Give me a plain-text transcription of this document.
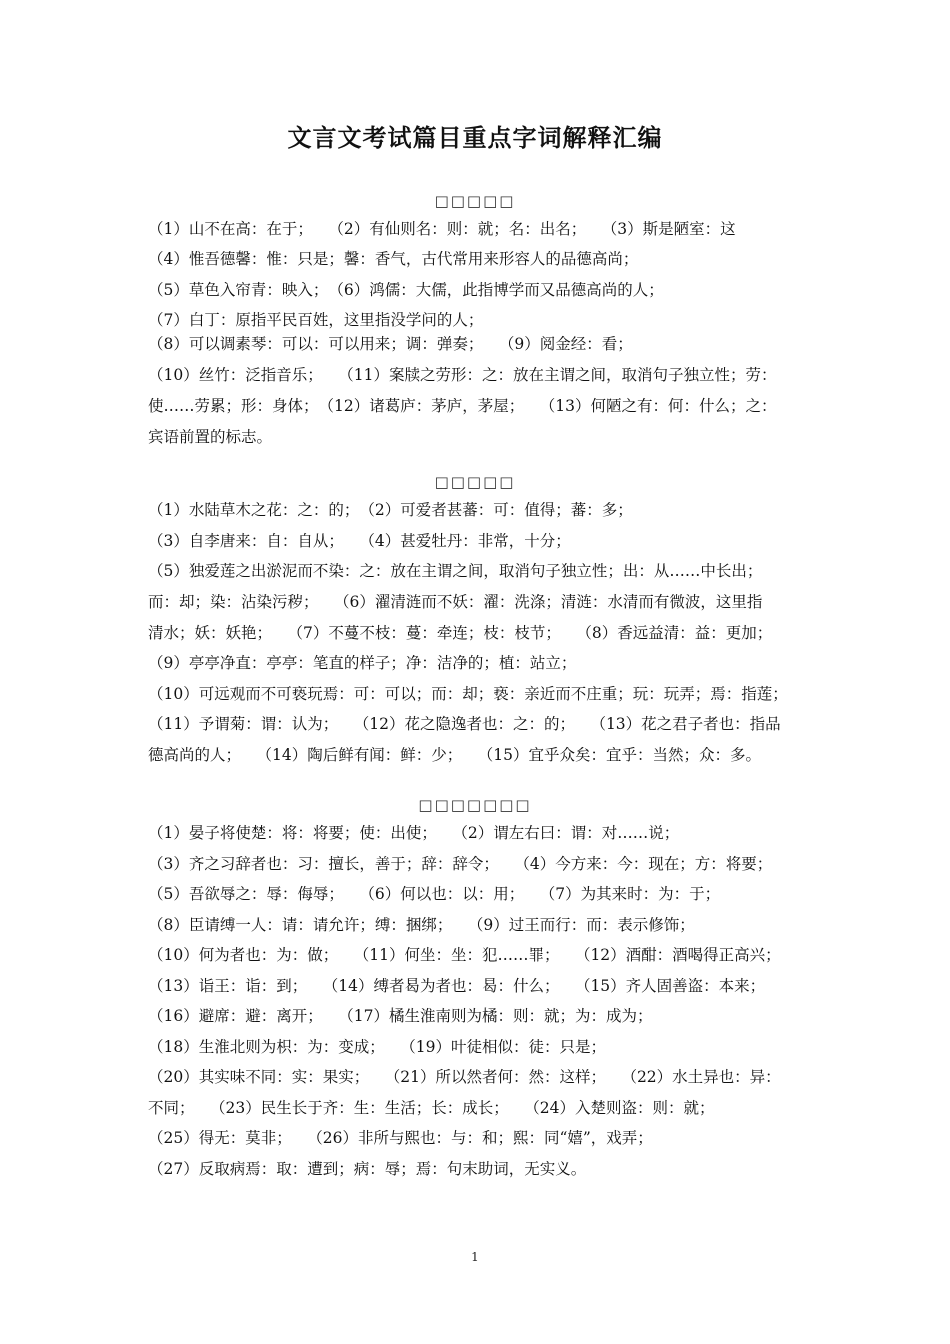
文言文考试篇目重点字词解释汇编
□□□□□
（1）山不在高：在于；　　（2）有仙则名：则：就；名：出名；　　（3）斯是陋室：这
（4）惟吾德馨：惟：只是；馨：香气，古代常用来形容人的品德高尚；
（5）草色入帘青：映入；　（6）鸿儒：大儒，此指博学而又品德高尚的人；
（7）白丁：原指平民百姓，这里指没学问的人；
（8）可以调素琴：可以：可以用来；调：弹奏；　　（9）阅金经：看；
（10）丝竹：泛指音乐；　　（11）案牍之劳形：之：放在主谓之间，取消句子独立性；劳：
使……劳累；形：身体；　（12）诸葛庐：茅庐，茅屋；　　（13）何陋之有：何：什么；之：
宾语前置的标志。
□□□□□
（1）水陆草木之花：之：的；　（2）可爱者甚蕃：可：值得；蕃：多；
（3）自李唐来：自：自从；　　（4）甚爱牡丹：非常，十分；
（5）独爱莲之出淤泥而不染：之：放在主谓之间，取消句子独立性；出：从……中长出；
而：却；染：沾染污秽；　　（6）濯清涟而不妖：濯：洗涤；清涟：水清而有微波，这里指
清水；妖：妖艳；　　（7）不蔓不枝：蔓：牵连；枝：枝节；　　（8）香远益清：益：更加；
（9）亭亭净直：亭亭：笔直的样子；净：洁净的；植：站立；
（10）可远观而不可亵玩焉：可：可以；而：却；亵：亲近而不庄重；玩：玩弄；焉：指莲；
（11）予谓菊：谓：认为；　　（12）花之隐逸者也：之：的；　　（13）花之君子者也：指品
德高尚的人；　　（14）陶后鲜有闻：鲜：少；　　（15）宜乎众矣：宜乎：当然；众：多。
□□□□□□□
（1）晏子将使楚：将：将要；使：出使；　　（2）谓左右曰：谓：对……说；
（3）齐之习辞者也：习：擅长，善于；辞：辞令；　　（4）今方来：今：现在；方：将要；
（5）吾欲辱之：辱：侮辱；　　（6）何以也：以：用；　　（7）为其来时：为：于；
（8）臣请缚一人：请：请允许；缚：捆绑；　　（9）过王而行：而：表示修饰；
（10）何为者也：为：做；　　（11）何坐：坐：犯……罪；　　（12）酒酣：酒喝得正高兴；
（13）诣王：诣：到；　　（14）缚者曷为者也：曷：什么；　　（15）齐人固善盗：本来；
（16）避席：避：离开；　　（17）橘生淮南则为橘：则：就；为：成为；
（18）生淮北则为枳：为：变成；　　（19）叶徒相似：徒：只是；
（20）其实味不同：实：果实；　　（21）所以然者何：然：这样；　　（22）水土异也：异：
不同；　　（23）民生长于齐：生：生活；长：成长；　　（24）入楚则盗：则：就；
（25）得无：莫非；　　（26）非所与熙也：与：和；熙：同“嬉”，戏弄；
（27）反取病焉：取：遭到；病：辱；焉：句末助词，无实义。
1
